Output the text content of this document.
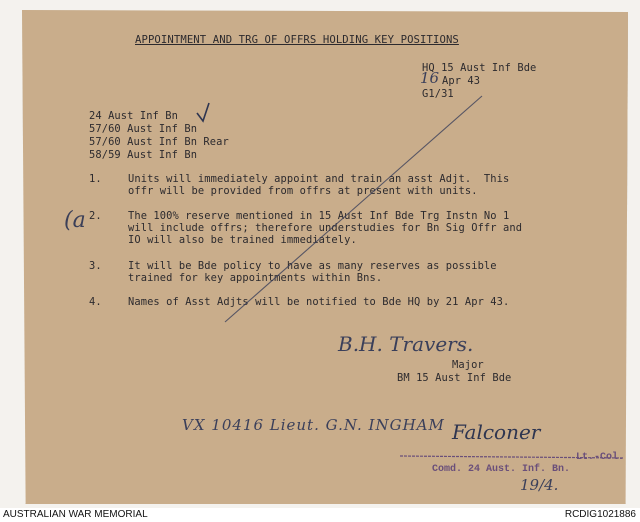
APPOINTMENT AND TRG OF OFFRS HOLDING KEY POSITIONS
HQ 15 Aust Inf Bde
16 Apr 43
G1/31
24 Aust Inf Bn
57/60 Aust Inf Bn
57/60 Aust Inf Bn Rear
58/59 Aust Inf Bn
1.	Units will immediately appoint and train an asst Adjt.  This
offr will be provided from offrs at present with units.
2.	The 100% reserve mentioned in 15 Aust Inf Bde Trg Instn No 1
will include offrs; therefore understudies for Bn Sig Offr and
IO will also be trained immediately.
3.	It will be Bde policy to have as many reserves as possible
trained for key appointments within Bns.
4.	Names of Asst Adjts will be notified to Bde HQ by 21 Apr 43.
(a
B.H. Travers.
Major
BM 15 Aust Inf Bde
VX 10416 Lieut. G.N. INGHAM Falconer
Lt.-Col.
Comd. 24 Aust. Inf. Bn.
19/4.
AUSTRALIAN WAR MEMORIAL	RCDIG1021886
